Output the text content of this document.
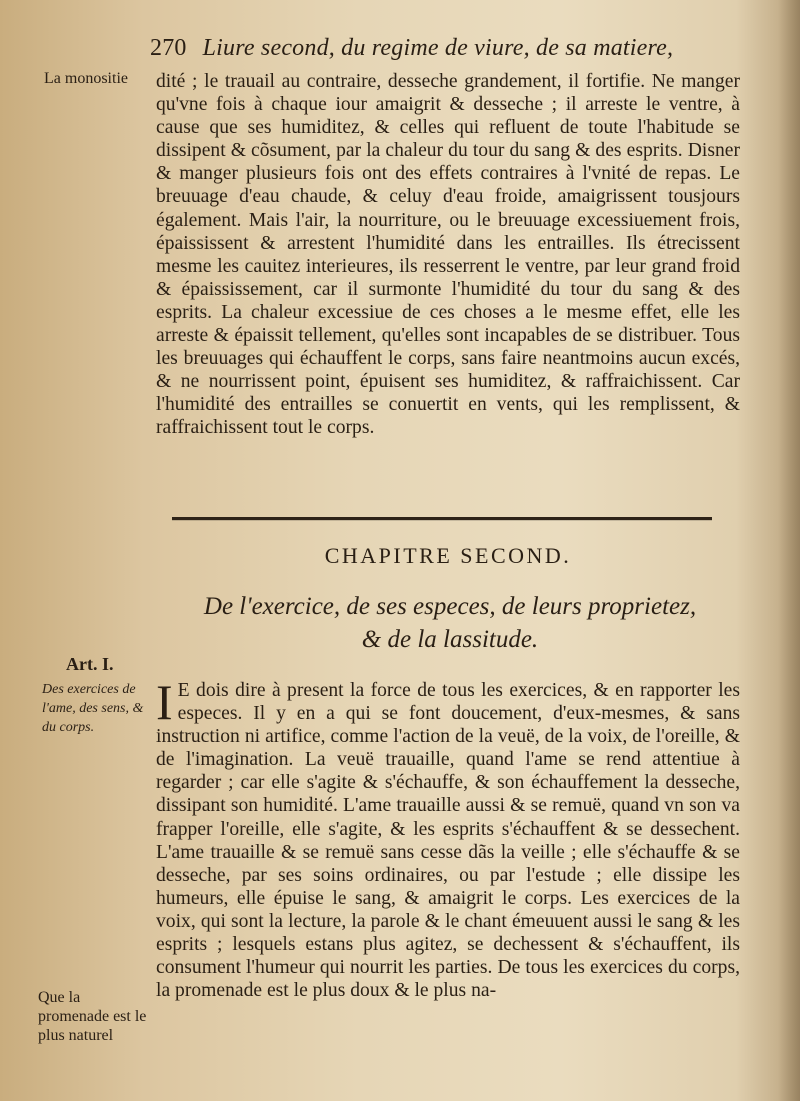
270 Liure second, du regime de viure, de sa matiere,
La monositie dité ; le trauail au contraire, desseche grandement, il fortifie. Ne manger qu'vne fois à chaque iour amaigrit & desseche ; il arreste le ventre, à cause que ses humiditez, & celles qui refluent de toute l'habitude se dissipent & cõsument, par la chaleur du tour du sang & des esprits. Disner & manger plusieurs fois ont des effets contraires à l'vnité de repas. Le breuuage d'eau chaude, & celuy d'eau froide, amaigrissent tousjours également. Mais l'air, la nourriture, ou le breuuage excessiuement frois, épaississent & arrestent l'humidité dans les entrailles. Ils étrecissent mesme les cauitez interieures, ils resserrent le ventre, par leur grand froid & épaississement, car il surmonte l'humidité du tour du sang & des esprits. La chaleur excessiue de ces choses a le mesme effet, elle les arreste & épaissit tellement, qu'elles sont incapables de se distribuer. Tous les breuuages qui échauffent le corps, sans faire neantmoins aucun excés, & ne nourrissent point, épuisent ses humiditez, & raffraichissent. Car l'humidité des entrailles se conuertit en vents, qui les remplissent, & raffraichissent tout le corps.

CHAPITRE SECOND.
De l'exercice, de ses especes, de leurs proprietez,
& de la lassitude.
Art. I.
Des exercices de l'ame, des sens, & du corps.	I E dois dire à present la force de tous les exercices, & en rapporter les especes. Il y en a qui se font doucement, d'eux-mesmes, & sans instruction ni artifice, comme l'action de la veuë, de la voix, de l'oreille, & de l'imagination. La veuë trauaille, quand l'ame se rend attentiue à regarder ; car elle s'agite & s'échauffe, & son échauffement la desseche, dissipant son humidité. L'ame trauaille aussi & se remuë, quand vn son va frapper l'oreille, elle s'agite, & les esprits s'échauffent & se dessechent. L'ame trauaille & se remuë sans cesse dãs la veille ; elle s'échauffe & se desseche, par ses soins ordinaires, ou par l'estude ; elle dissipe les humeurs, elle épuise le sang, & amaigrit le corps. Les exercices de la voix, qui sont la lecture, la parole & le chant émeuuent aussi le sang & les esprits ; lesquels estans plus agitez, se dechessent & s'échauffent, ils consument l'humeur qui nourrit les parties. De tous les exercices du corps, la promenade est le plus doux & le plus na-

Que la promenade est le plus naturel
